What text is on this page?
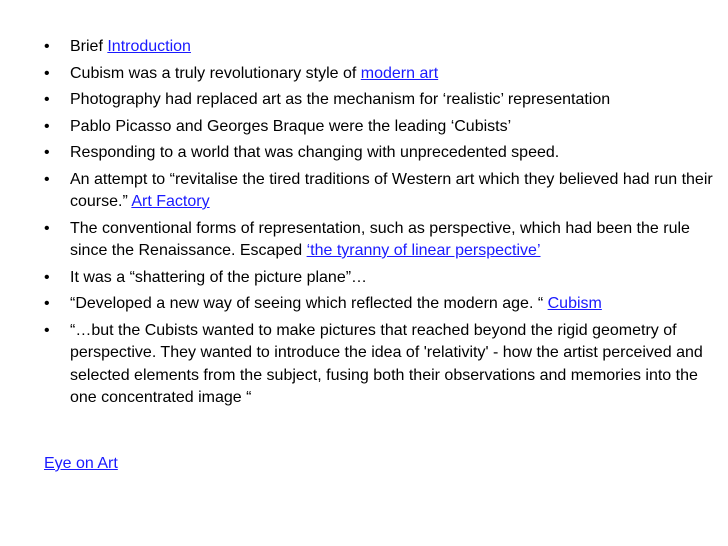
• Brief Introduction
• Cubism was a truly revolutionary style of modern art
• Photography had replaced art as the mechanism for ‘realistic’ representation
• Pablo Picasso and Georges Braque were the leading ‘Cubists’
• Responding to a world that was changing with unprecedented speed.
• An attempt to “revitalise the tired traditions of Western art which they believed had run their course.” Art Factory
• The conventional forms of representation, such as perspective, which had been the rule since the Renaissance. Escaped ‘the tyranny of linear perspective’
• It was a “shattering of the picture plane”…
• “Developed a new way of seeing which reflected the modern age. “ Cubism
• “…but the Cubists wanted to make pictures that reached beyond the rigid geometry of perspective. They wanted to introduce the idea of 'relativity' - how the artist perceived and selected elements from the subject, fusing both their observations and memories into the one concentrated image “
Eye on Art
